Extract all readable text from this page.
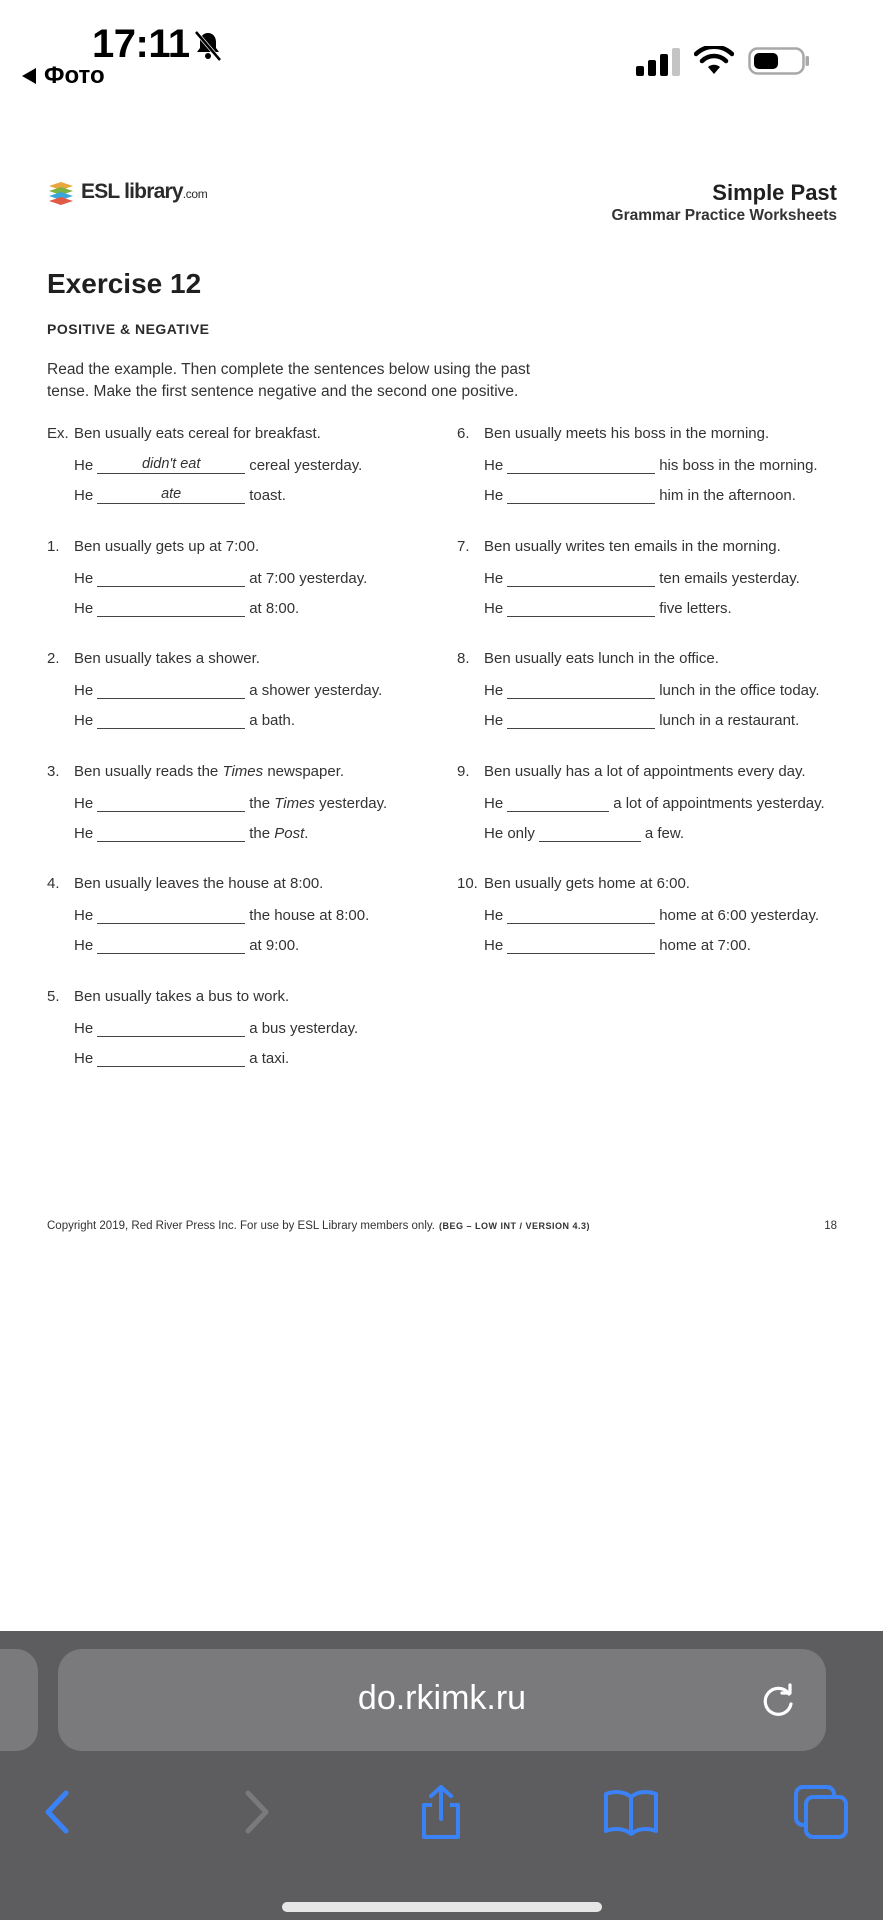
17:11
Фото
ESL library.com	Simple Past
Grammar Practice Worksheets
Exercise 12
POSITIVE & NEGATIVE
Read the example. Then complete the sentences below using the past tense. Make the first sentence negative and the second one positive.
Ex. Ben usually eats cereal for breakfast.
He	didn't eat	cereal yesterday.
He	ate	toast.
1. Ben usually gets up at 7:00.
He	at 7:00 yesterday.
He	at 8:00.
2. Ben usually takes a shower.
He	a shower yesterday.
He	a bath.
3. Ben usually reads the Times newspaper.
He	the
Times
yesterday.
He	the
Post .
4. Ben usually leaves the house at 8:00.
He	the house at 8:00.
He	at 9:00.
5. Ben usually takes a bus to work.
He	a bus yesterday.
He	a taxi.
6. Ben usually meets his boss in the morning.
He	his boss in the morning.
He	him in the afternoon.
7. Ben usually writes ten emails in the morning.
He	ten emails yesterday.
He	five letters.
8. Ben usually eats lunch in the office.
He	lunch in the office today.
He	lunch in a restaurant.
9. Ben usually has a lot of appointments every day.
He	a lot of appointments yesterday.
He only	a few.
10. Ben usually gets home at 6:00.
He	home at 6:00 yesterday.
He	home at 7:00.
Copyright 2019, Red River Press Inc. For use by ESL Library members only. (BEG – LOW INT / VERSION 4.3)	18
do.rkimk.ru
